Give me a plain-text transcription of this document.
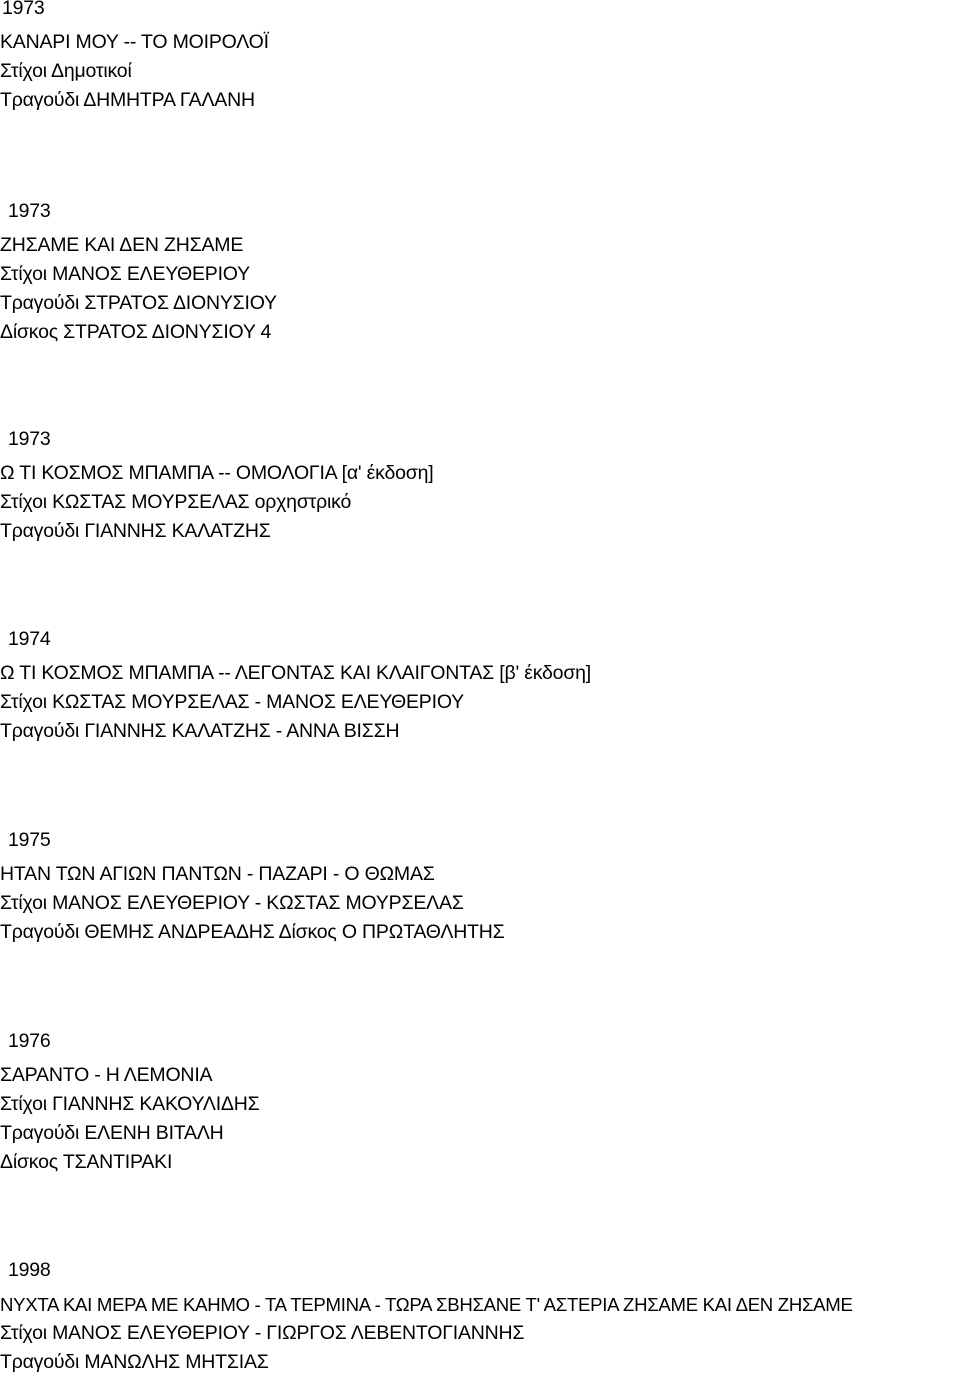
1973
ΚΑΝΑΡΙ ΜΟΥ -- ΤΟ ΜΟΙΡΟΛΟΪ
Στίχοι Δημοτικοί
Τραγούδι ΔΗΜΗΤΡΑ ΓΑΛΑΝΗ
1973
ΖΗΣΑΜΕ ΚΑΙ ΔΕΝ ΖΗΣΑΜΕ
Στίχοι ΜΑΝΟΣ ΕΛΕΥΘΕΡΙΟΥ
Τραγούδι ΣΤΡΑΤΟΣ ΔΙΟΝΥΣΙΟΥ
Δίσκος ΣΤΡΑΤΟΣ ΔΙΟΝΥΣΙΟΥ 4
1973
Ω ΤΙ ΚΟΣΜΟΣ ΜΠΑΜΠΑ -- ΟΜΟΛΟΓΙΑ [α' έκδοση]
Στίχοι ΚΩΣΤΑΣ ΜΟΥΡΣΕΛΑΣ ορχηστρικό
Τραγούδι ΓΙΑΝΝΗΣ ΚΑΛΑΤΖΗΣ
1974
Ω ΤΙ ΚΟΣΜΟΣ ΜΠΑΜΠΑ -- ΛΕΓΟΝΤΑΣ ΚΑΙ ΚΛΑΙΓΟΝΤΑΣ [β' έκδοση]
Στίχοι ΚΩΣΤΑΣ ΜΟΥΡΣΕΛΑΣ - ΜΑΝΟΣ ΕΛΕΥΘΕΡΙΟΥ
Τραγούδι ΓΙΑΝΝΗΣ ΚΑΛΑΤΖΗΣ - ΑΝΝΑ ΒΙΣΣΗ
1975
ΗΤΑΝ ΤΩΝ ΑΓΙΩΝ ΠΑΝΤΩΝ - ΠΑΖΑΡΙ - Ο ΘΩΜΑΣ
Στίχοι ΜΑΝΟΣ ΕΛΕΥΘΕΡΙΟΥ - ΚΩΣΤΑΣ ΜΟΥΡΣΕΛΑΣ
Τραγούδι ΘΕΜΗΣ ΑΝΔΡΕΑΔΗΣ Δίσκος Ο ΠΡΩΤΑΘΛΗΤΗΣ
1976
ΣΑΡΑΝΤΟ - Η ΛΕΜΟΝΙΑ
Στίχοι ΓΙΑΝΝΗΣ ΚΑΚΟΥΛΙΔΗΣ
Τραγούδι ΕΛΕΝΗ ΒΙΤΑΛΗ
Δίσκος ΤΣΑΝΤΙΡΑΚΙ
1998
ΝΥΧΤΑ ΚΑΙ ΜΕΡΑ ΜΕ ΚΑΗΜΟ - ΤΑ ΤΕΡΜΙΝΑ - ΤΩΡΑ ΣΒΗΣΑΝΕ Τ' ΑΣΤΕΡΙΑ ΖΗΣΑΜΕ ΚΑΙ ΔΕΝ ΖΗΣΑΜΕ
Στίχοι ΜΑΝΟΣ ΕΛΕΥΘΕΡΙΟΥ - ΓΙΩΡΓΟΣ ΛΕΒΕΝΤΟΓΙΑΝΝΗΣ
Τραγούδι ΜΑΝΩΛΗΣ ΜΗΤΣΙΑΣ
